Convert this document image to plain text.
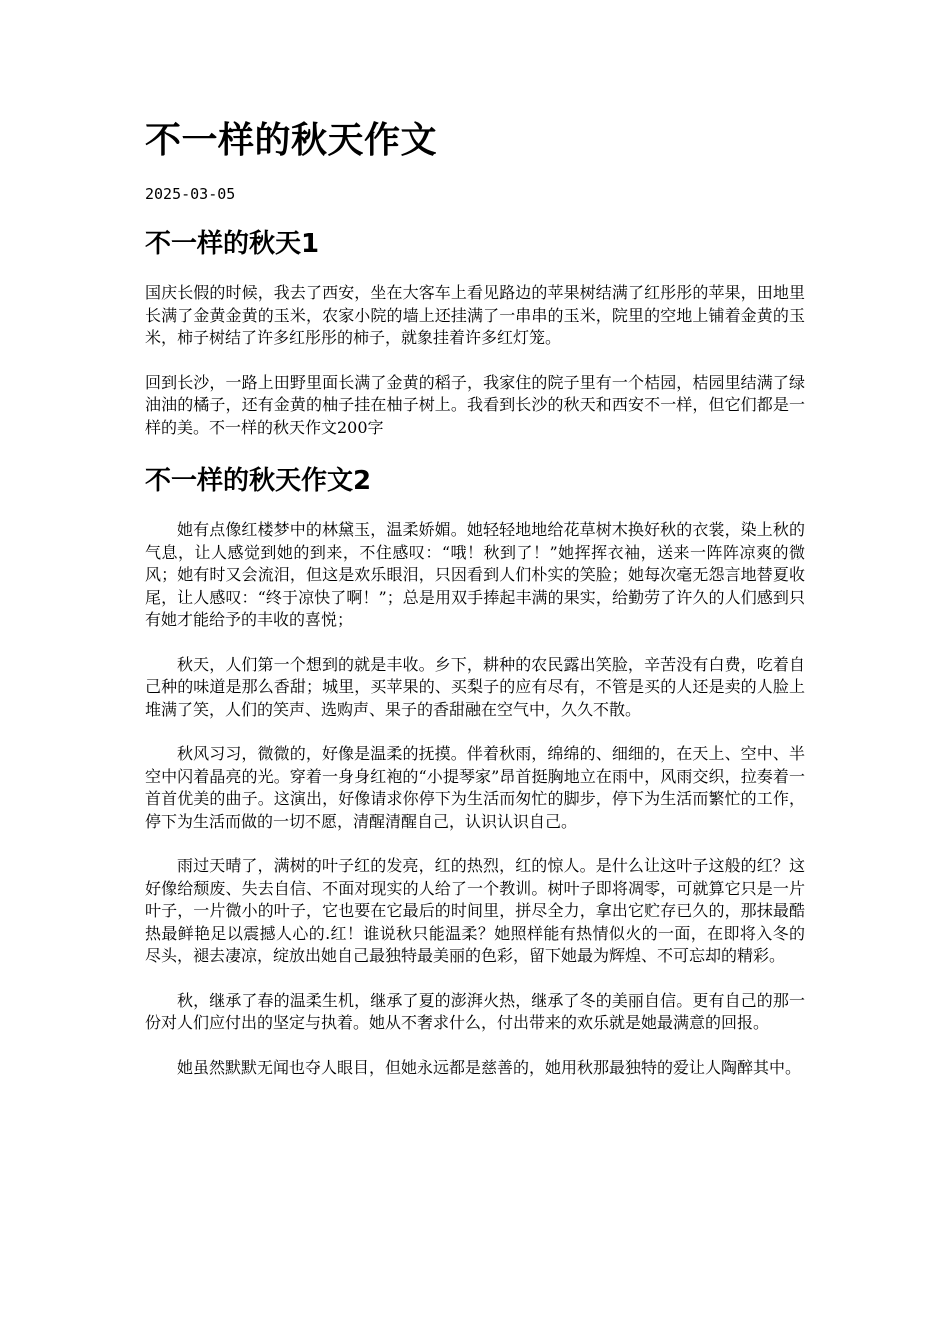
不一样的秋天作文
2025-03-05
不一样的秋天1

国庆长假的时候，我去了西安，坐在大客车上看见路边的苹果树结满了红彤彤的苹果，田地里长满了金黄金黄的玉米，农家小院的墙上还挂满了一串串的玉米，院里的空地上铺着金黄的玉米，柿子树结了许多红彤彤的柿子，就象挂着许多红灯笼。

回到长沙，一路上田野里面长满了金黄的稻子，我家住的院子里有一个桔园，桔园里结满了绿油油的橘子，还有金黄的柚子挂在柚子树上。我看到长沙的秋天和西安不一样，但它们都是一样的美。不一样的秋天作文200字

不一样的秋天作文2

她有点像红楼梦中的林黛玉，温柔娇媚。她轻轻地地给花草树木换好秋的衣裳，染上秋的气息，让人感觉到她的到来，不住感叹：“哦！秋到了！”她挥挥衣袖，送来一阵阵凉爽的微风；她有时又会流泪，但这是欢乐眼泪，只因看到人们朴实的笑脸；她每次毫无怨言地替夏收尾，让人感叹：“终于凉快了啊！”；总是用双手捧起丰满的果实，给勤劳了许久的人们感到只有她才能给予的丰收的喜悦；

秋天，人们第一个想到的就是丰收。乡下，耕种的农民露出笑脸，辛苦没有白费，吃着自己种的味道是那么香甜；城里，买苹果的、买梨子的应有尽有，不管是买的人还是卖的人脸上堆满了笑，人们的笑声、选购声、果子的香甜融在空气中，久久不散。

秋风习习，微微的，好像是温柔的抚摸。伴着秋雨，绵绵的、细细的，在天上、空中、半空中闪着晶亮的光。穿着一身身红袍的“小提琴家”昂首挺胸地立在雨中，风雨交织，拉奏着一首首优美的曲子。这演出，好像请求你停下为生活而匆忙的脚步，停下为生活而繁忙的工作，停下为生活而做的一切不愿，清醒清醒自己，认识认识自己。

雨过天晴了，满树的叶子红的发亮，红的热烈，红的惊人。是什么让这叶子这般的红？这好像给颓废、失去自信、不面对现实的人给了一个教训。树叶子即将凋零，可就算它只是一片叶子，一片微小的叶子，它也要在它最后的时间里，拼尽全力，拿出它贮存已久的，那抹最酷热最鲜艳足以震撼人心的.红！谁说秋只能温柔？她照样能有热情似火的一面，在即将入冬的尽头，褪去凄凉，绽放出她自己最独特最美丽的色彩，留下她最为辉煌、不可忘却的精彩。

秋，继承了春的温柔生机，继承了夏的澎湃火热，继承了冬的美丽自信。更有自己的那一份对人们应付出的坚定与执着。她从不奢求什么，付出带来的欢乐就是她最满意的回报。

她虽然默默无闻也夺人眼目，但她永远都是慈善的，她用秋那最独特的爱让人陶醉其中。
